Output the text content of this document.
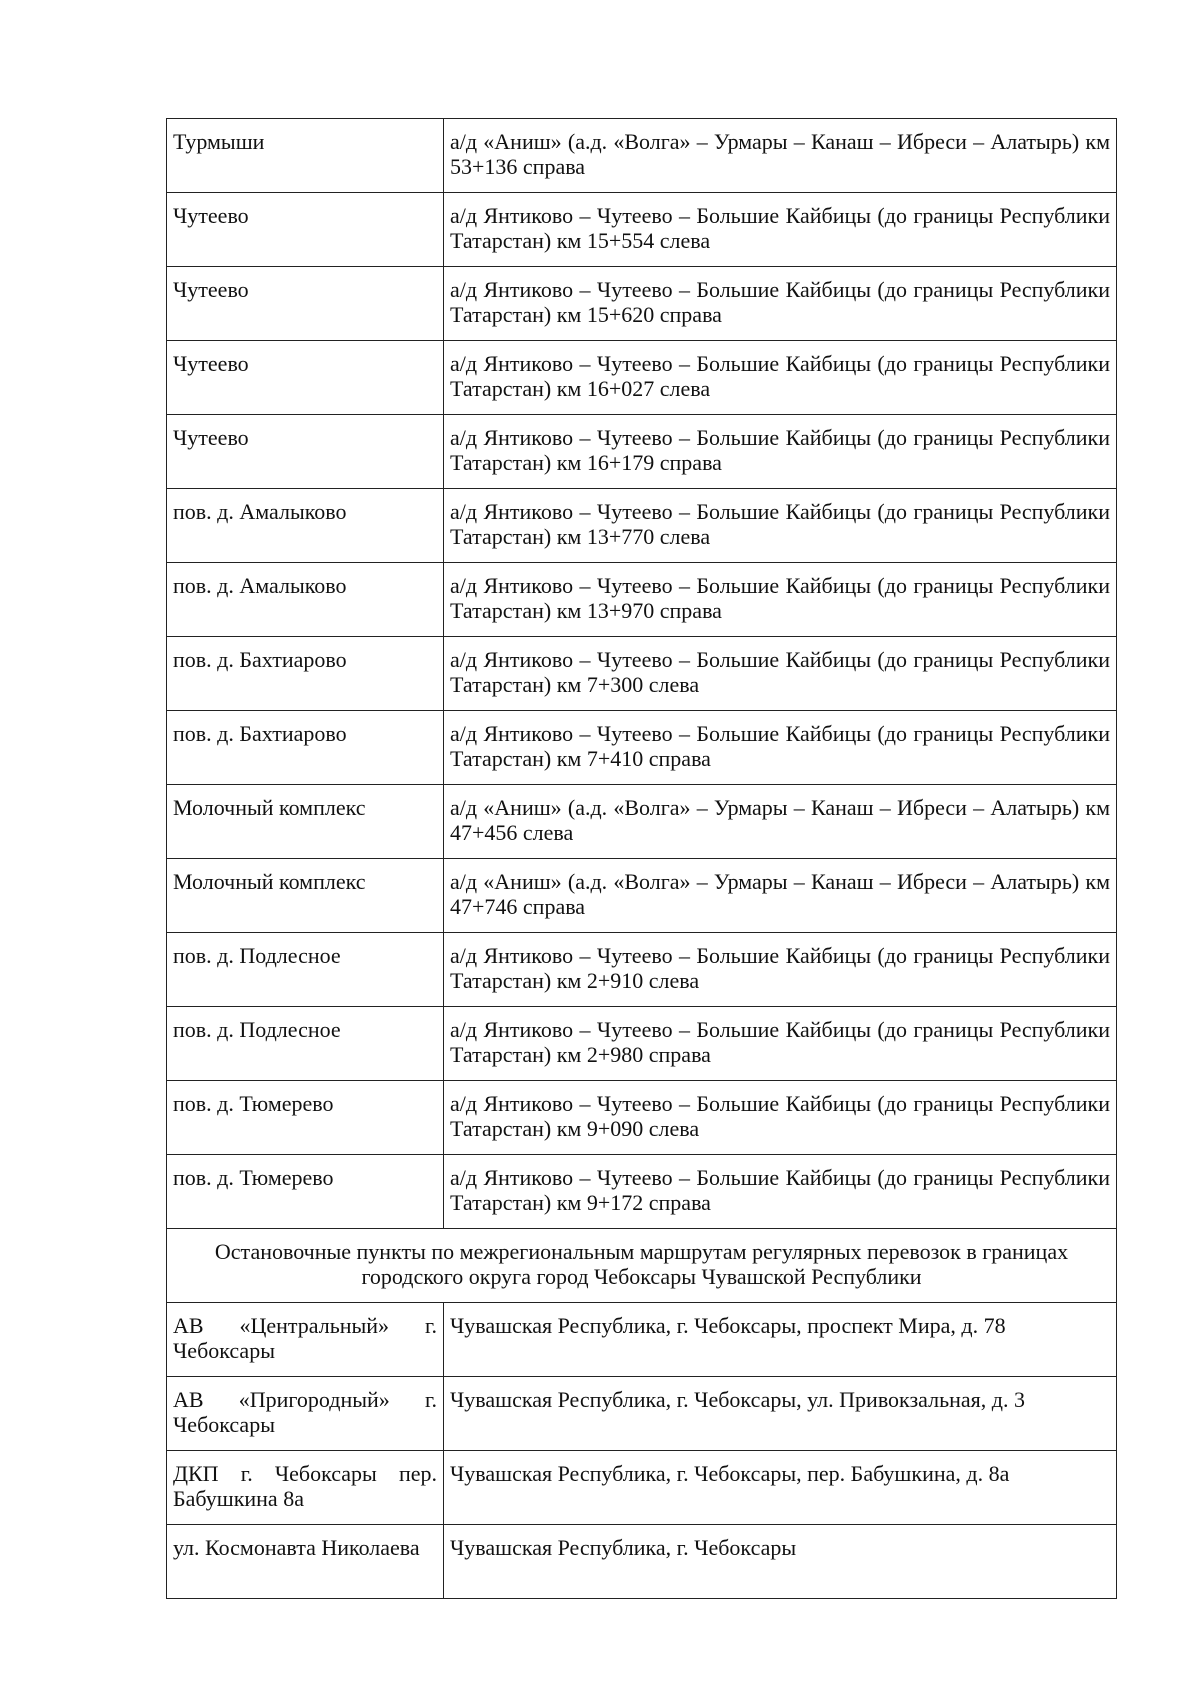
Турмыши	а/д «Аниш» (а.д. «Волга» – Урмары – Канаш – Ибреси – Алатырь) км 53+136 справа
Чутеево	а/д Янтиково – Чутеево – Большие Кайбицы (до границы Республики Татарстан) км 15+554 слева
Чутеево	а/д Янтиково – Чутеево – Большие Кайбицы (до границы Республики Татарстан) км 15+620 справа
Чутеево	а/д Янтиково – Чутеево – Большие Кайбицы (до границы Республики Татарстан) км 16+027 слева
Чутеево	а/д Янтиково – Чутеево – Большие Кайбицы (до границы Республики Татарстан) км 16+179 справа
пов. д. Амалыково	а/д Янтиково – Чутеево – Большие Кайбицы (до границы Республики Татарстан) км 13+770 слева
пов. д. Амалыково	а/д Янтиково – Чутеево – Большие Кайбицы (до границы Республики Татарстан) км 13+970 справа
пов. д. Бахтиарово	а/д Янтиково – Чутеево – Большие Кайбицы (до границы Республики Татарстан) км 7+300 слева
пов. д. Бахтиарово	а/д Янтиково – Чутеево – Большие Кайбицы (до границы Республики Татарстан) км 7+410 справа
Молочный комплекс	а/д «Аниш» (а.д. «Волга» – Урмары – Канаш – Ибреси – Алатырь) км 47+456 слева
Молочный комплекс	а/д «Аниш» (а.д. «Волга» – Урмары – Канаш – Ибреси – Алатырь) км 47+746 справа
пов. д. Подлесное	а/д Янтиково – Чутеево – Большие Кайбицы (до границы Республики Татарстан) км 2+910 слева
пов. д. Подлесное	а/д Янтиково – Чутеево – Большие Кайбицы (до границы Республики Татарстан) км 2+980 справа
пов. д. Тюмерево	а/д Янтиково – Чутеево – Большие Кайбицы (до границы Республики Татарстан) км 9+090 слева
пов. д. Тюмерево	а/д Янтиково – Чутеево – Большие Кайбицы (до границы Республики Татарстан) км 9+172 справа
Остановочные пункты по межрегиональным маршрутам регулярных перевозок в границах городского округа город Чебоксары Чувашской Республики	
АВ «Центральный» г. Чебоксары	Чувашская Республика, г. Чебоксары, проспект Мира, д. 78
АВ «Пригородный» г. Чебоксары	Чувашская Республика, г. Чебоксары, ул. Привокзальная, д. 3
ДКП г. Чебоксары пер. Бабушкина 8а	Чувашская Республика, г. Чебоксары, пер. Бабушкина, д. 8а
ул. Космонавта Николаева	Чувашская Республика, г. Чебоксары
